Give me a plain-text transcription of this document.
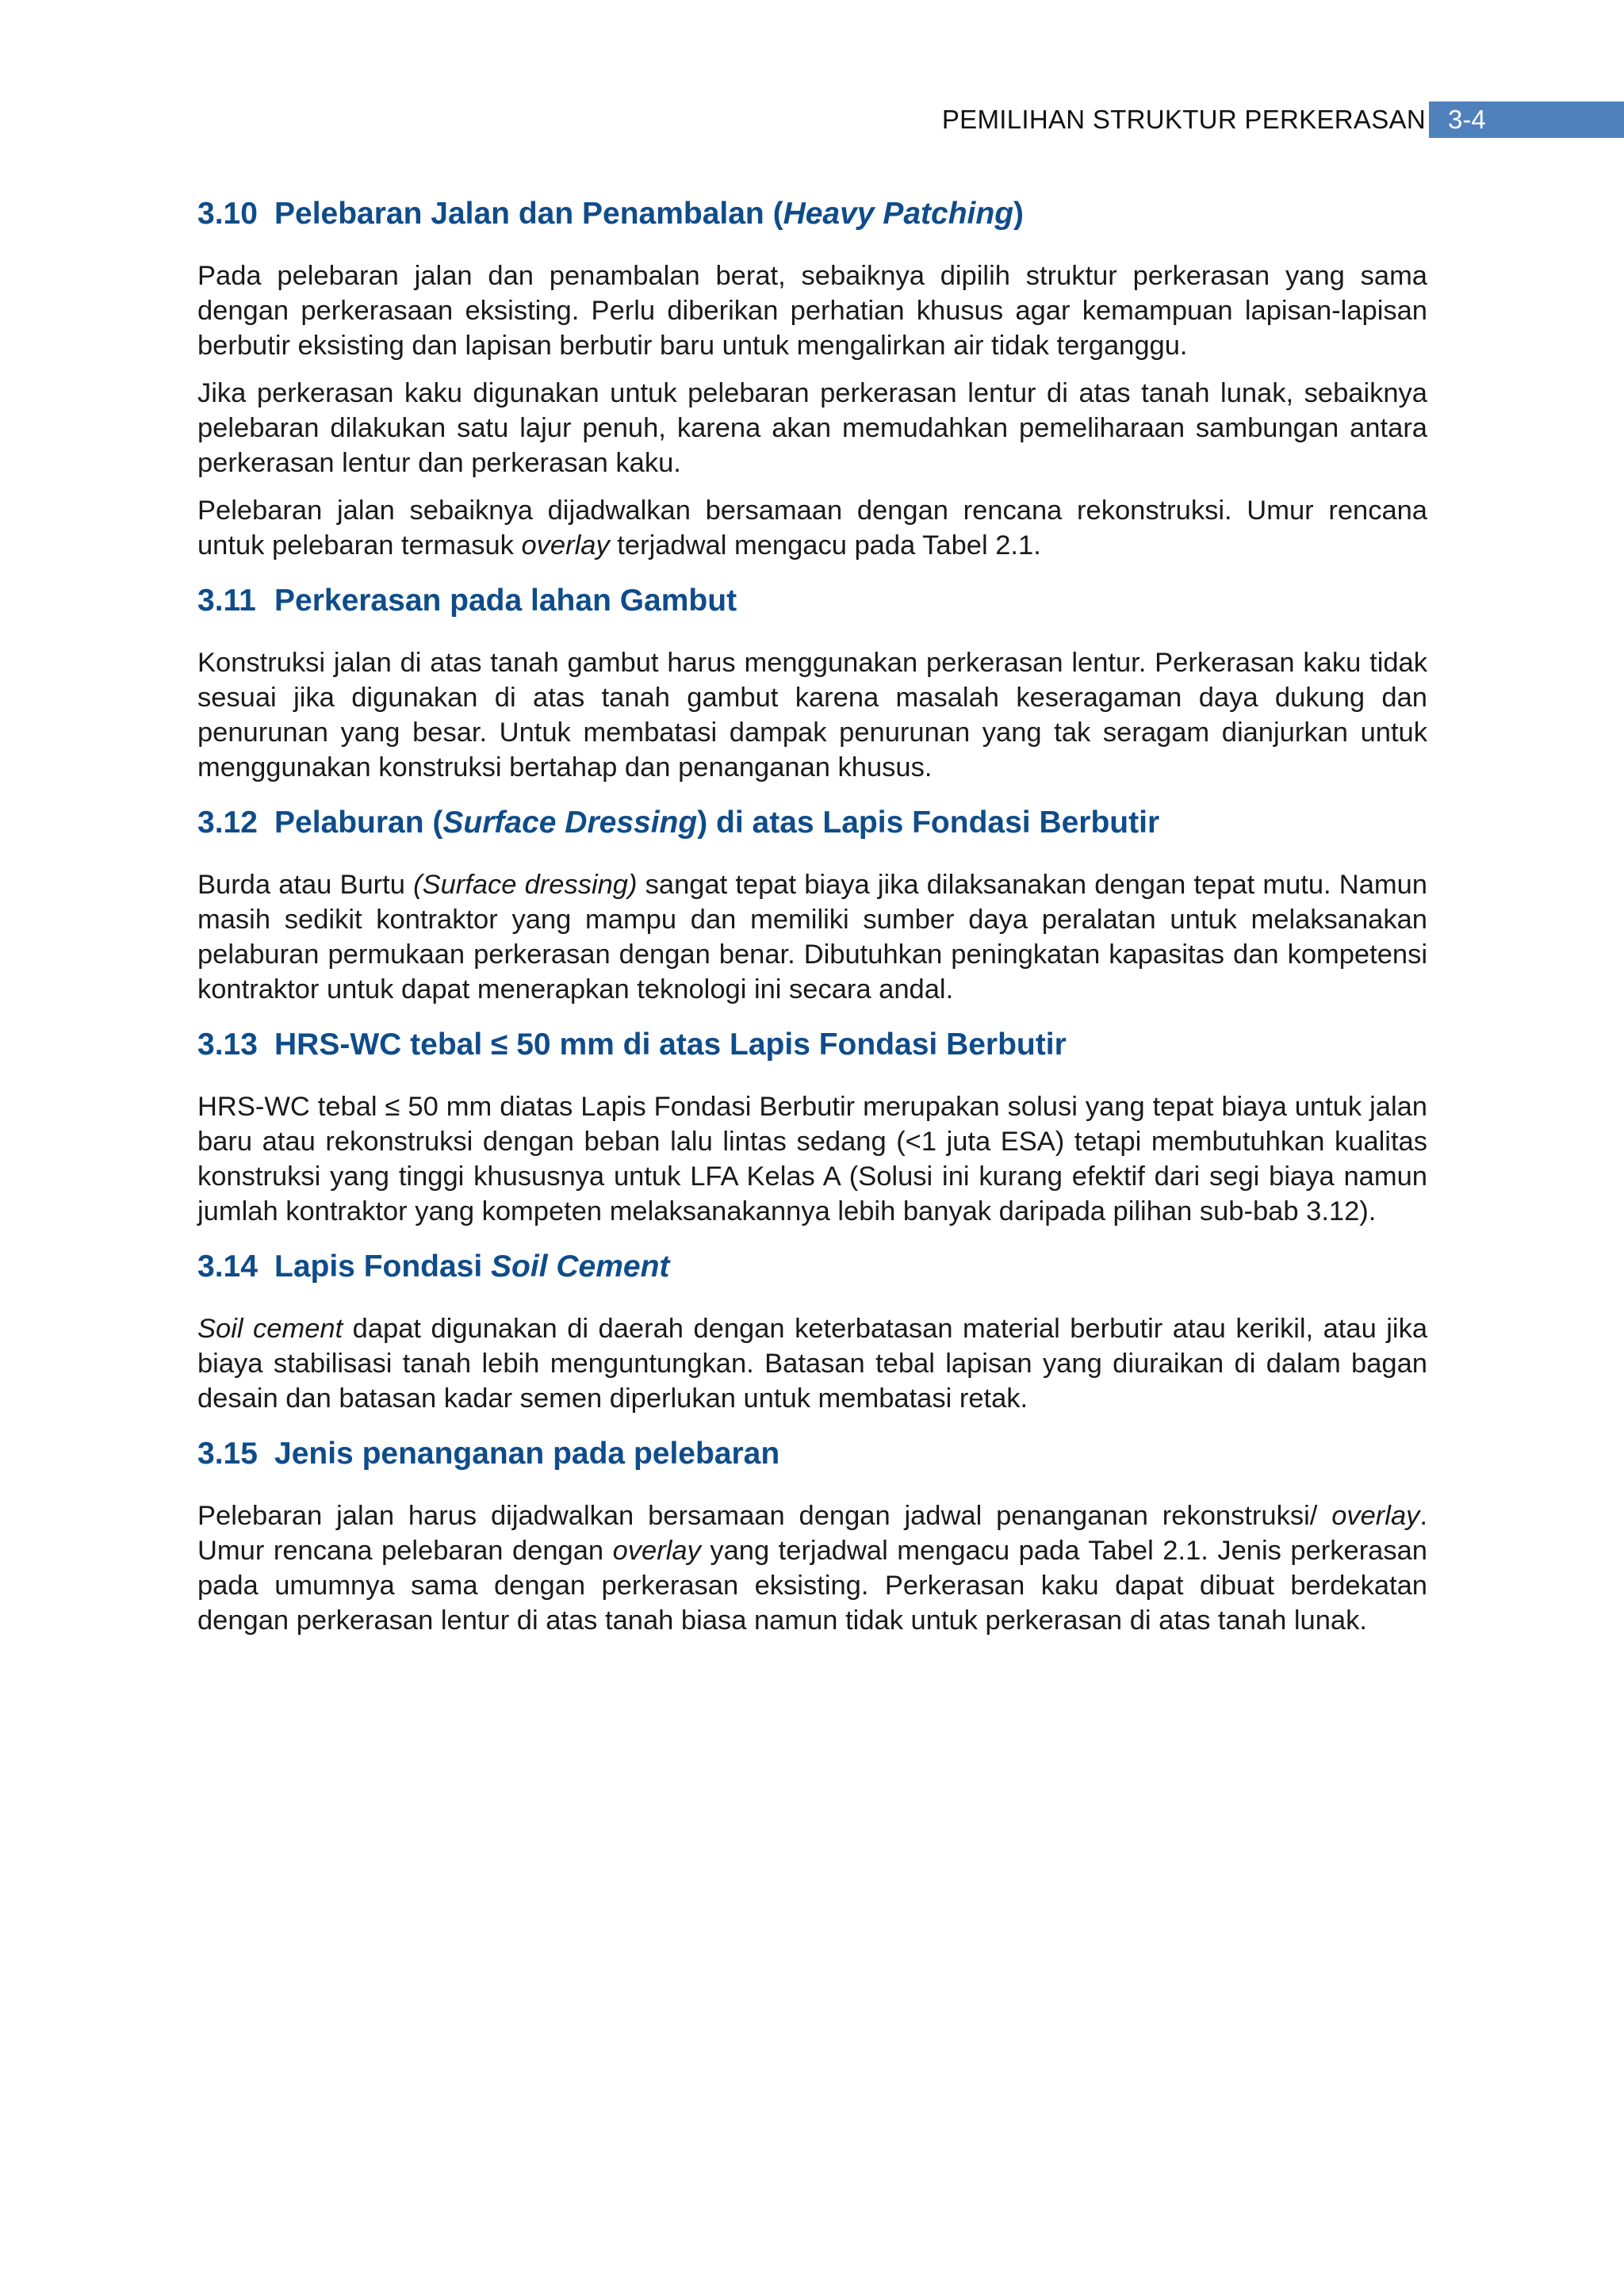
PEMILIHAN STRUKTUR PERKERASAN 3-4
3.10 Pelebaran Jalan dan Penambalan (Heavy Patching)

Pada pelebaran jalan dan penambalan berat, sebaiknya dipilih struktur perkerasan yang sama dengan perkerasaan eksisting. Perlu diberikan perhatian khusus agar kemampuan lapisan-lapisan berbutir eksisting dan lapisan berbutir baru untuk mengalirkan air tidak terganggu.

Jika perkerasan kaku digunakan untuk pelebaran perkerasan lentur di atas tanah lunak, sebaiknya pelebaran dilakukan satu lajur penuh, karena akan memudahkan pemeliharaan sambungan antara perkerasan lentur dan perkerasan kaku.

Pelebaran jalan sebaiknya dijadwalkan bersamaan dengan rencana rekonstruksi. Umur rencana untuk pelebaran termasuk overlay terjadwal mengacu pada Tabel 2.1.

3.11 Perkerasan pada lahan Gambut

Konstruksi jalan di atas tanah gambut harus menggunakan perkerasan lentur. Perkerasan kaku tidak sesuai jika digunakan di atas tanah gambut karena masalah keseragaman daya dukung dan penurunan yang besar. Untuk membatasi dampak penurunan yang tak seragam dianjurkan untuk menggunakan konstruksi bertahap dan penanganan khusus.

3.12 Pelaburan (Surface Dressing) di atas Lapis Fondasi Berbutir

Burda atau Burtu (Surface dressing) sangat tepat biaya jika dilaksanakan dengan tepat mutu. Namun masih sedikit kontraktor yang mampu dan memiliki sumber daya peralatan untuk melaksanakan pelaburan permukaan perkerasan dengan benar. Dibutuhkan peningkatan kapasitas dan kompetensi kontraktor untuk dapat menerapkan teknologi ini secara andal.

3.13 HRS-WC tebal ≤ 50 mm di atas Lapis Fondasi Berbutir

HRS-WC tebal ≤ 50 mm diatas Lapis Fondasi Berbutir merupakan solusi yang tepat biaya untuk jalan baru atau rekonstruksi dengan beban lalu lintas sedang (<1 juta ESA) tetapi membutuhkan kualitas konstruksi yang tinggi khususnya untuk LFA Kelas A (Solusi ini kurang efektif dari segi biaya namun jumlah kontraktor yang kompeten melaksanakannya lebih banyak daripada pilihan sub-bab 3.12).

3.14 Lapis Fondasi Soil Cement

Soil cement dapat digunakan di daerah dengan keterbatasan material berbutir atau kerikil, atau jika biaya stabilisasi tanah lebih menguntungkan. Batasan tebal lapisan yang diuraikan di dalam bagan desain dan batasan kadar semen diperlukan untuk membatasi retak.

3.15 Jenis penanganan pada pelebaran

Pelebaran jalan harus dijadwalkan bersamaan dengan jadwal penanganan rekonstruksi/ overlay. Umur rencana pelebaran dengan overlay yang terjadwal mengacu pada Tabel 2.1. Jenis perkerasan pada umumnya sama dengan perkerasan eksisting. Perkerasan kaku dapat dibuat berdekatan dengan perkerasan lentur di atas tanah biasa namun tidak untuk perkerasan di atas tanah lunak.
